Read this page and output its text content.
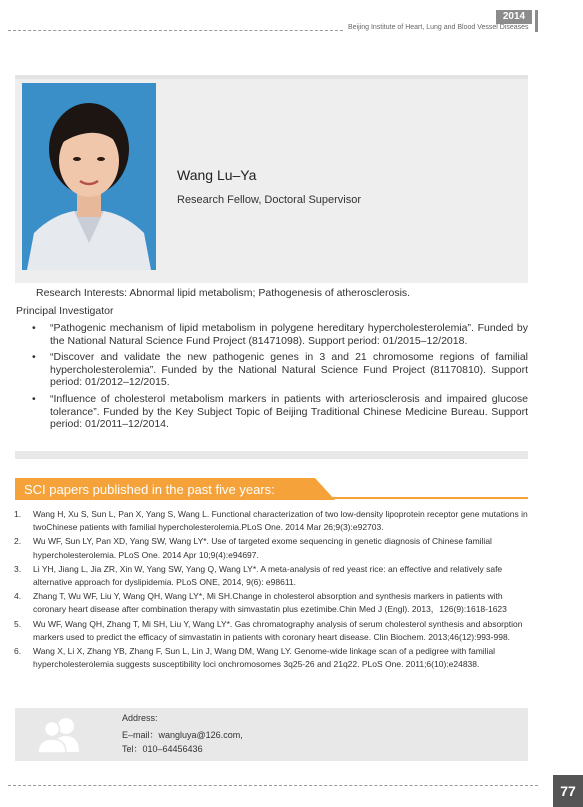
2014
Beijing Institute of Heart, Lung and Blood Vessel Diseases
Wang Lu–Ya
Research Fellow, Doctoral Supervisor
Research Interests: Abnormal lipid metabolism; Pathogenesis of atherosclerosis.
Principal Investigator
• “Pathogenic mechanism of lipid metabolism in polygene hereditary hypercholesterolemia”. Funded by the National Natural Science Fund Project (81471098). Support period: 01/2015–12/2018.
• “Discover and validate the new pathogenic genes in 3 and 21 chromosome regions of familial hypercholesterolemia”. Funded by the National Natural Science Fund Project (81170810). Support period: 01/2012–12/2015.
• “Influence of cholesterol metabolism markers in patients with arteriosclerosis and impaired glucose tolerance”. Funded by the Key Subject Topic of Beijing Traditional Chinese Medicine Bureau. Support period: 01/2011–12/2014.
SCI papers published in the past five years:
1. Wang H, Xu S, Sun L, Pan X, Yang S, Wang L. Functional characterization of two low-density lipoprotein receptor gene mutations in twoChinese patients with familial hypercholesterolemia.PLoS One. 2014 Mar 26;9(3):e92703.
2. Wu WF, Sun LY, Pan XD, Yang SW, Wang LY*. Use of targeted exome sequencing in genetic diagnosis of Chinese familial hypercholesterolemia. PLoS One. 2014 Apr 10;9(4):e94697.
3. Li YH, Jiang L, Jia ZR, Xin W, Yang SW, Yang Q, Wang LY*. A meta-analysis of red yeast rice: an effective and relatively safe alternative approach for dyslipidemia. PLoS ONE, 2014, 9(6): e98611.
4. Zhang T, Wu WF, Liu Y, Wang QH, Wang LY*, Mi SH.Change in cholesterol absorption and synthesis markers in patients with coronary heart disease after combination therapy with simvastatin plus ezetimibe.Chin Med J (Engl). 2013，126(9):1618-1623
5. Wu WF, Wang QH, Zhang T, Mi SH, Liu Y, Wang LY*. Gas chromatography analysis of serum cholesterol synthesis and absorption markers used to predict the efficacy of simvastatin in patients with coronary heart disease. Clin Biochem. 2013;46(12):993-998.
6. Wang X, Li X, Zhang YB, Zhang F, Sun L, Lin J, Wang DM, Wang LY. Genome-wide linkage scan of a pedigree with familial hypercholesterolemia suggests susceptibility loci onchromosomes 3q25-26 and 21q22. PLoS One. 2011;6(10):e24838.
Address:
E–mail：wangluya@126.com,
Tel：010–64456436
77
